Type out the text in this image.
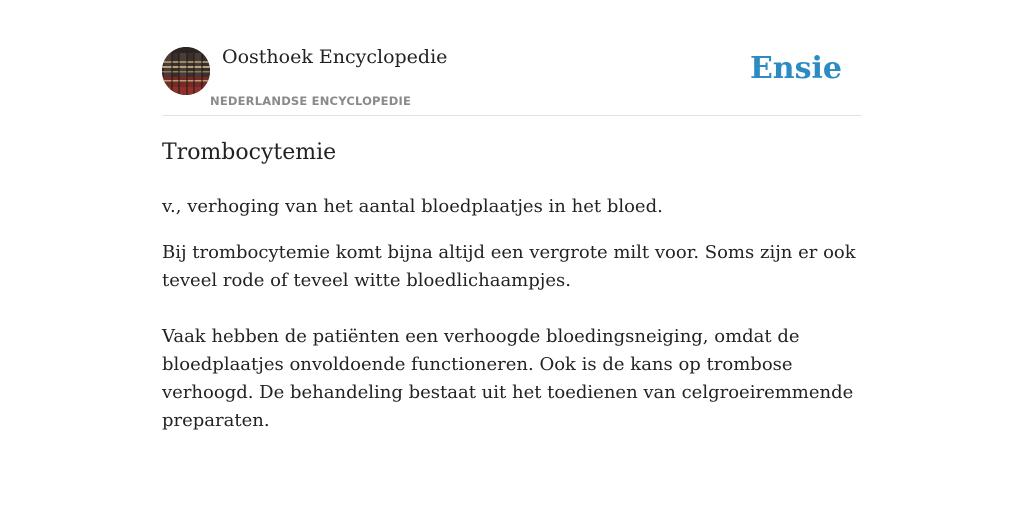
Oosthoek Encyclopedie
NEDERLANDSE ENCYCLOPEDIE
Ensie
Trombocytemie

v., verhoging van het aantal bloedplaatjes in het bloed.

Bij trombocytemie komt bijna altijd een vergrote milt voor. Soms zijn er ook teveel rode of teveel witte bloedlichaampjes.

Vaak hebben de patiënten een verhoogde bloedingsneiging, omdat de bloedplaatjes onvoldoende functioneren. Ook is de kans op trombose verhoogd. De behandeling bestaat uit het toedienen van celgroeiremmende preparaten.
